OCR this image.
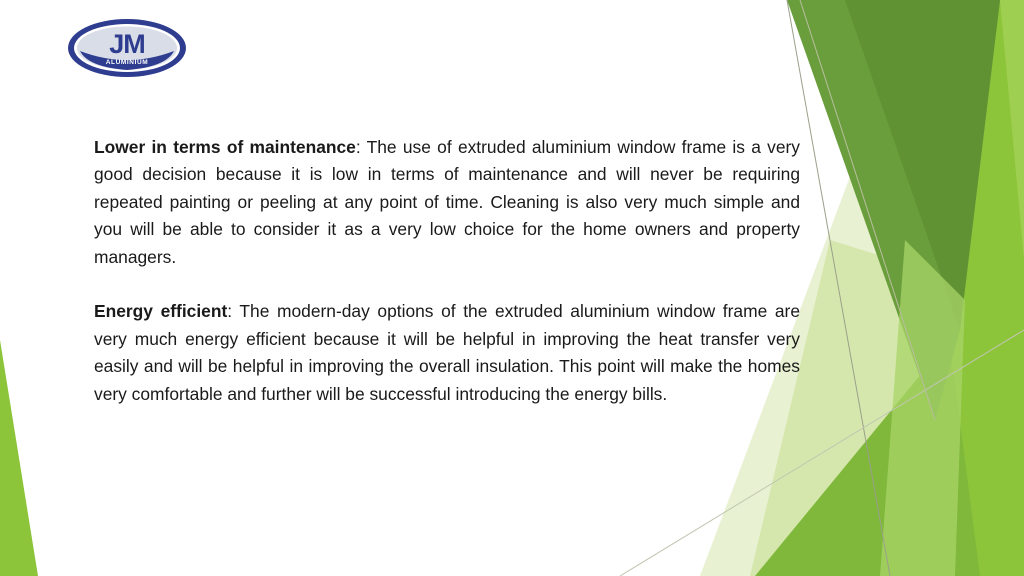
JM
ALUMINIUM

Lower in terms of maintenance: The use of extruded aluminium window frame is a very good decision because it is low in terms of maintenance and will never be requiring repeated painting or peeling at any point of time. Cleaning is also very much simple and you will be able to consider it as a very low choice for the home owners and property managers.

Energy efficient: The modern-day options of the extruded aluminium window frame are very much energy efficient because it will be helpful in improving the heat transfer very easily and will be helpful in improving the overall insulation. This point will make the homes very comfortable and further will be successful introducing the energy bills.
